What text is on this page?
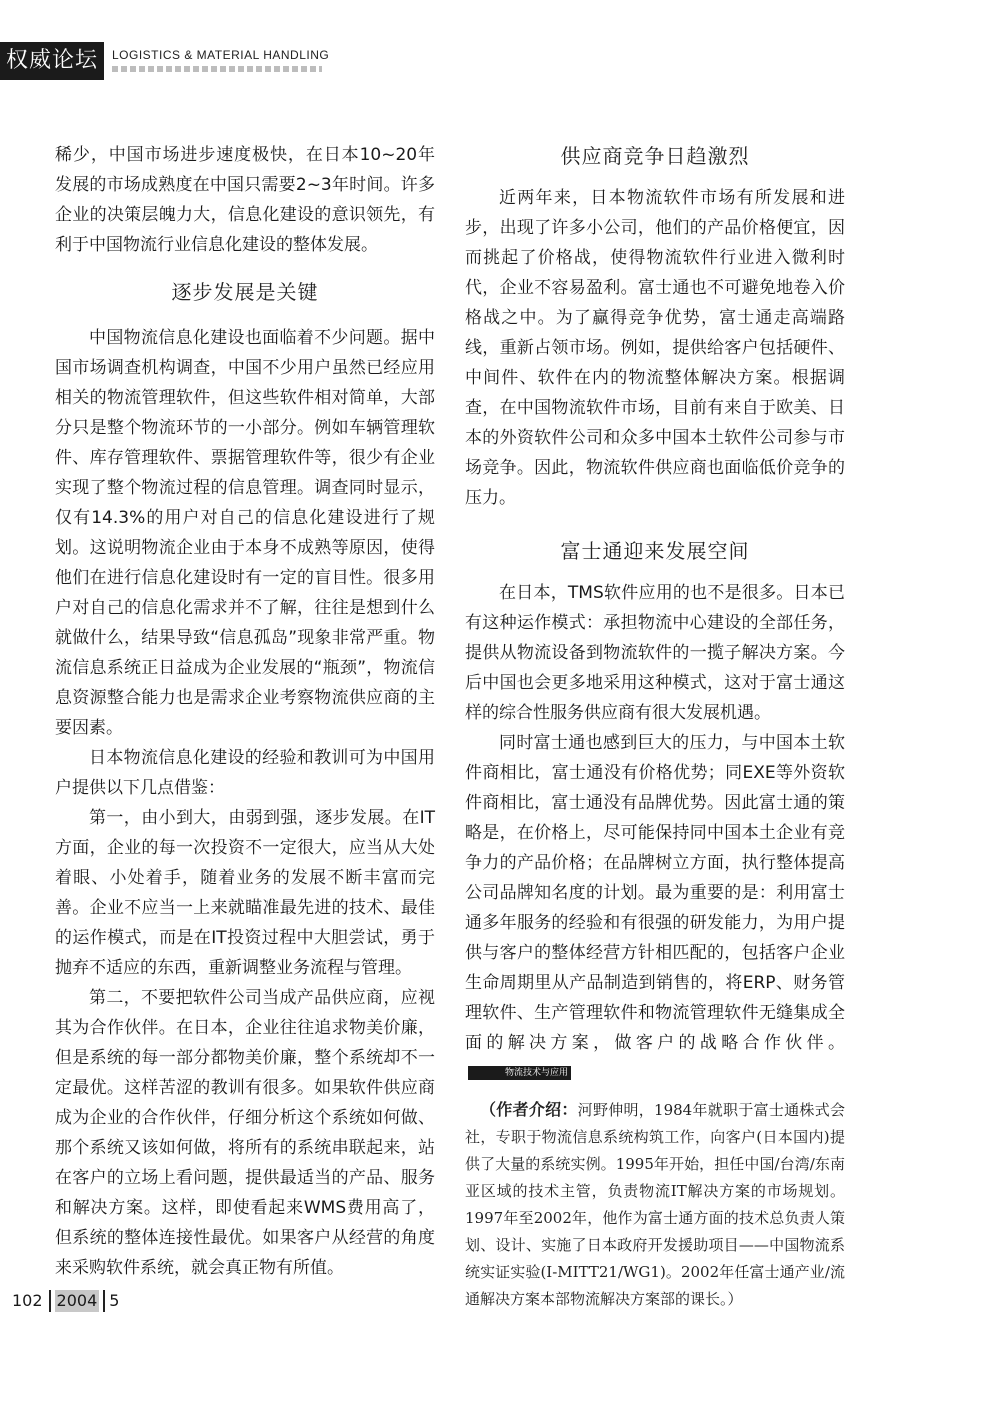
权威论坛	LOGISTICS & MATERIAL HANDLING

稀少，中国市场进步速度极快，在日本10~20年发展的市场成熟度在中国只需要2~3年时间。许多企业的决策层魄力大，信息化建设的意识领先，有利于中国物流行业信息化建设的整体发展。

逐步发展是关键

中国物流信息化建设也面临着不少问题。据中国市场调查机构调查，中国不少用户虽然已经应用相关的物流管理软件，但这些软件相对简单，大部分只是整个物流环节的一小部分。例如车辆管理软件、库存管理软件、票据管理软件等，很少有企业实现了整个物流过程的信息管理。调查同时显示，仅有14.3%的用户对自己的信息化建设进行了规划。这说明物流企业由于本身不成熟等原因，使得他们在进行信息化建设时有一定的盲目性。很多用户对自己的信息化需求并不了解，往往是想到什么就做什么，结果导致“信息孤岛”现象非常严重。物流信息系统正日益成为企业发展的“瓶颈”，物流信息资源整合能力也是需求企业考察物流供应商的主要因素。

日本物流信息化建设的经验和教训可为中国用户提供以下几点借鉴：

第一，由小到大，由弱到强，逐步发展。在IT方面，企业的每一次投资不一定很大，应当从大处着眼、小处着手，随着业务的发展不断丰富而完善。企业不应当一上来就瞄准最先进的技术、最佳的运作模式，而是在IT投资过程中大胆尝试，勇于抛弃不适应的东西，重新调整业务流程与管理。

第二，不要把软件公司当成产品供应商，应视其为合作伙伴。在日本，企业往往追求物美价廉，但是系统的每一部分都物美价廉，整个系统却不一定最优。这样苦涩的教训有很多。如果软件供应商成为企业的合作伙伴，仔细分析这个系统如何做、那个系统又该如何做，将所有的系统串联起来，站在客户的立场上看问题，提供最适当的产品、服务和解决方案。这样，即使看起来WMS费用高了，但系统的整体连接性最优。如果客户从经营的角度来采购软件系统，就会真正物有所值。

供应商竞争日趋激烈

近两年来，日本物流软件市场有所发展和进步，出现了许多小公司，他们的产品价格便宜，因而挑起了价格战，使得物流软件行业进入微利时代，企业不容易盈利。富士通也不可避免地卷入价格战之中。为了赢得竞争优势，富士通走高端路线，重新占领市场。例如，提供给客户包括硬件、中间件、软件在内的物流整体解决方案。根据调查，在中国物流软件市场，目前有来自于欧美、日本的外资软件公司和众多中国本土软件公司参与市场竞争。因此，物流软件供应商也面临低价竞争的压力。

富士通迎来发展空间

在日本，TMS软件应用的也不是很多。日本已有这种运作模式：承担物流中心建设的全部任务，提供从物流设备到物流软件的一揽子解决方案。今后中国也会更多地采用这种模式，这对于富士通这样的综合性服务供应商有很大发展机遇。

同时富士通也感到巨大的压力，与中国本土软件商相比，富士通没有价格优势；同EXE等外资软件商相比，富士通没有品牌优势。因此富士通的策略是，在价格上，尽可能保持同中国本土企业有竞争力的产品价格；在品牌树立方面，执行整体提高公司品牌知名度的计划。最为重要的是：利用富士通多年服务的经验和有很强的研发能力，为用户提供与客户的整体经营方针相匹配的，包括客户企业生命周期里从产品制造到销售的，将ERP、财务管理软件、生产管理软件和物流管理软件无缝集成全面的解决方案，做客户的战略合作伙伴。物流技术与应用

（作者介绍：河野伸明，1984年就职于富士通株式会社，专职于物流信息系统构筑工作，向客户(日本国内)提供了大量的系统实例。1995年开始，担任中国/台湾/东南亚区域的技术主管，负责物流IT解决方案的市场规划。1997年至2002年，他作为富士通方面的技术总负责人策划、设计、实施了日本政府开发援助项目——中国物流系统实证实验(I-MITT21/WG1)。2002年任富士通产业/流通解决方案本部物流解决方案部的课长。）
102 2004 5
